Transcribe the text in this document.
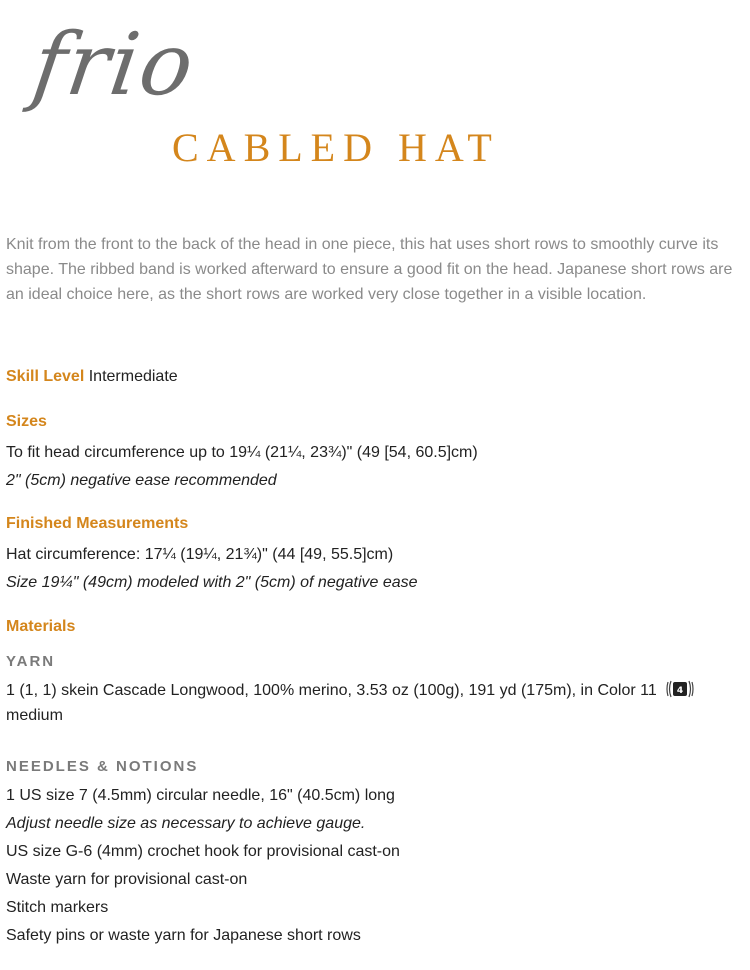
frio
CABLED HAT

Knit from the front to the back of the head in one piece, this hat uses short rows to smoothly curve its shape. The ribbed band is worked afterward to ensure a good fit on the head. Japanese short rows are an ideal choice here, as the short rows are worked very close together in a visible location.

Skill Level Intermediate
Sizes
To fit head circumference up to 19¼ (21¼, 23¾)" (49 [54, 60.5]cm)
2" (5cm) negative ease recommended
Finished Measurements
Hat circumference: 17¼ (19¼, 21¾)" (44 [49, 55.5]cm)
Size 19¼" (49cm) modeled with 2" (5cm) of negative ease
Materials
YARN
1 (1, 1) skein Cascade Longwood, 100% merino, 3.53 oz (100g), 191 yd (175m), in Color 11 4
medium
NEEDLES & NOTIONS
1 US size 7 (4.5mm) circular needle, 16" (40.5cm) long
Adjust needle size as necessary to achieve gauge.
US size G-6 (4mm) crochet hook for provisional cast-on
Waste yarn for provisional cast-on
Stitch markers
Safety pins or waste yarn for Japanese short rows
